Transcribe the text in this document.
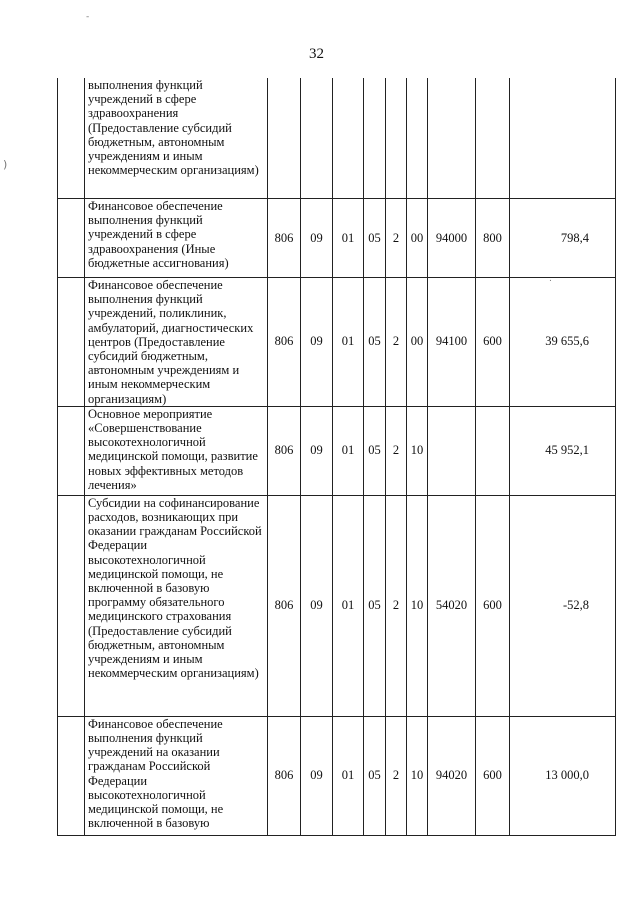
32
-
)
.

	выполнения функций учреждений в сфере здравоохранения (Предоставление субсидий бюджетным, автономным учреждениям и иным некоммерческим организациям)									

	Финансовое обеспечение выполнения функций учреждений в сфере здравоохранения (Иные бюджетные ассигнования)	806	09	01	05	2	00	94000	800	798,4

	Финансовое обеспечение выполнения функций учреждений, поликлиник, амбулаторий, диагностических центров (Предоставление субсидий бюджетным, автономным учреждениям и иным некоммерческим организациям)	806	09	01	05	2	00	94100	600	39 655,6

	Основное мероприятие «Совершенствование высокотехнологичной медицинской помощи, развитие новых эффективных методов лечения»	806	09	01	05	2	10			45 952,1

	Субсидии на софинансирование расходов, возникающих при оказании гражданам Российской Федерации высокотехнологичной медицинской помощи, не включенной в базовую программу обязательного медицинского страхования (Предоставление субсидий бюджетным, автономным учреждениям и иным некоммерческим организациям)	806	09	01	05	2	10	54020	600	-52,8

	Финансовое обеспечение выполнения функций учреждений на оказании гражданам Российской Федерации высокотехнологичной медицинской помощи, не включенной в базовую	806	09	01	05	2	10	94020	600	13 000,0
